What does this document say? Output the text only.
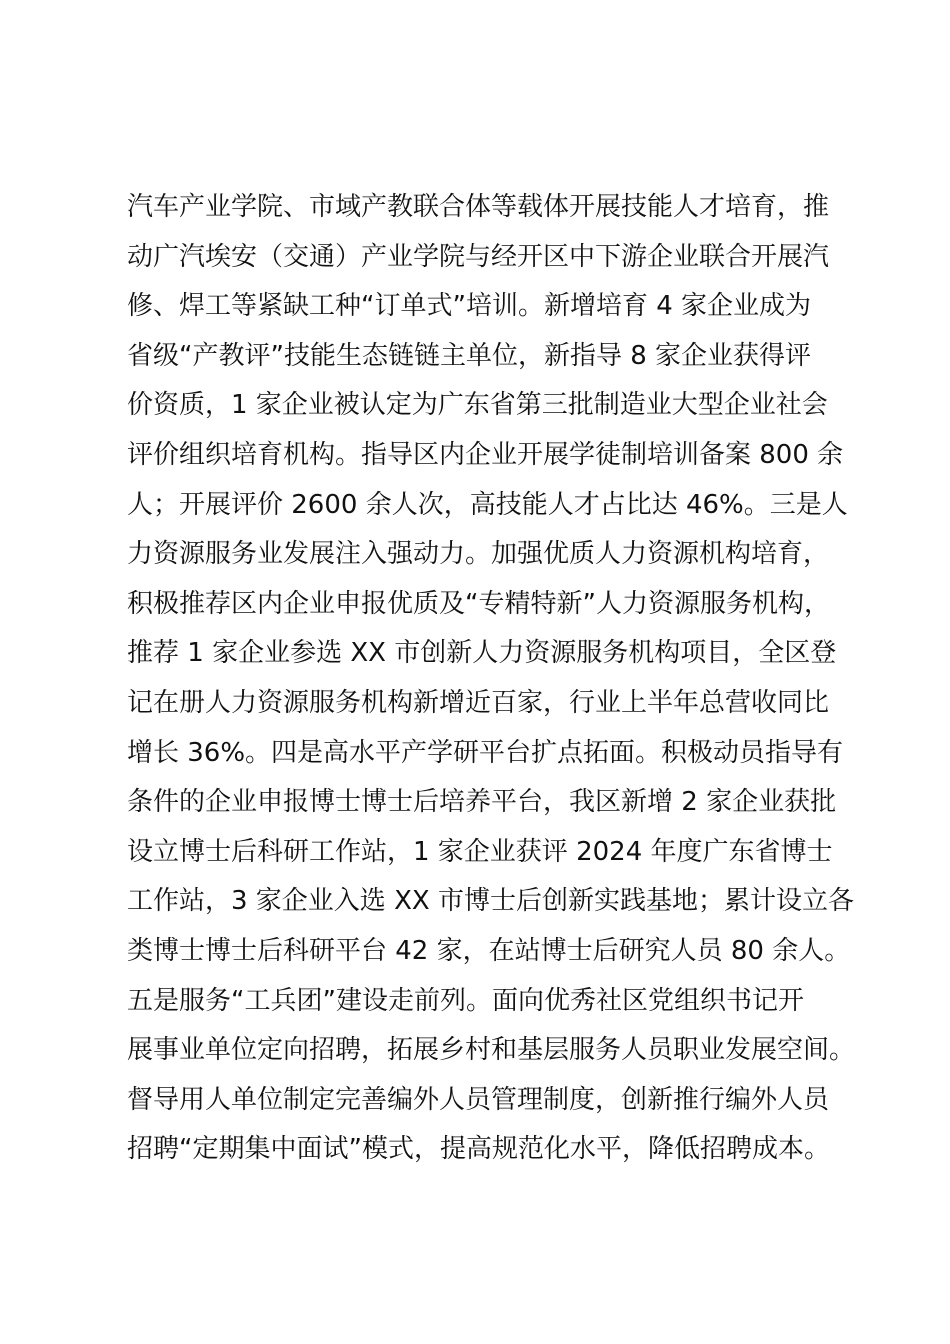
汽车产业学院、市域产教联合体等载体开展技能人才培育，推
动广汽埃安（交通）产业学院与经开区中下游企业联合开展汽
修、焊工等紧缺工种“订单式”培训。新增培育 4 家企业成为
省级“产教评”技能生态链链主单位，新指导 8 家企业获得评
价资质，1 家企业被认定为广东省第三批制造业大型企业社会
评价组织培育机构。指导区内企业开展学徒制培训备案 800 余
人；开展评价 2600 余人次，高技能人才占比达 46%。三是人
力资源服务业发展注入强动力。加强优质人力资源机构培育，
积极推荐区内企业申报优质及“专精特新”人力资源服务机构，
推荐 1 家企业参选 XX 市创新人力资源服务机构项目，全区登
记在册人力资源服务机构新增近百家，行业上半年总营收同比
增长 36%。四是高水平产学研平台扩点拓面。积极动员指导有
条件的企业申报博士博士后培养平台，我区新增 2 家企业获批
设立博士后科研工作站，1 家企业获评 2024 年度广东省博士
工作站，3 家企业入选 XX 市博士后创新实践基地；累计设立各
类博士博士后科研平台 42 家，在站博士后研究人员 80 余人。
五是服务“工兵团”建设走前列。面向优秀社区党组织书记开
展事业单位定向招聘，拓展乡村和基层服务人员职业发展空间。
督导用人单位制定完善编外人员管理制度，创新推行编外人员
招聘“定期集中面试”模式，提高规范化水平，降低招聘成本。
